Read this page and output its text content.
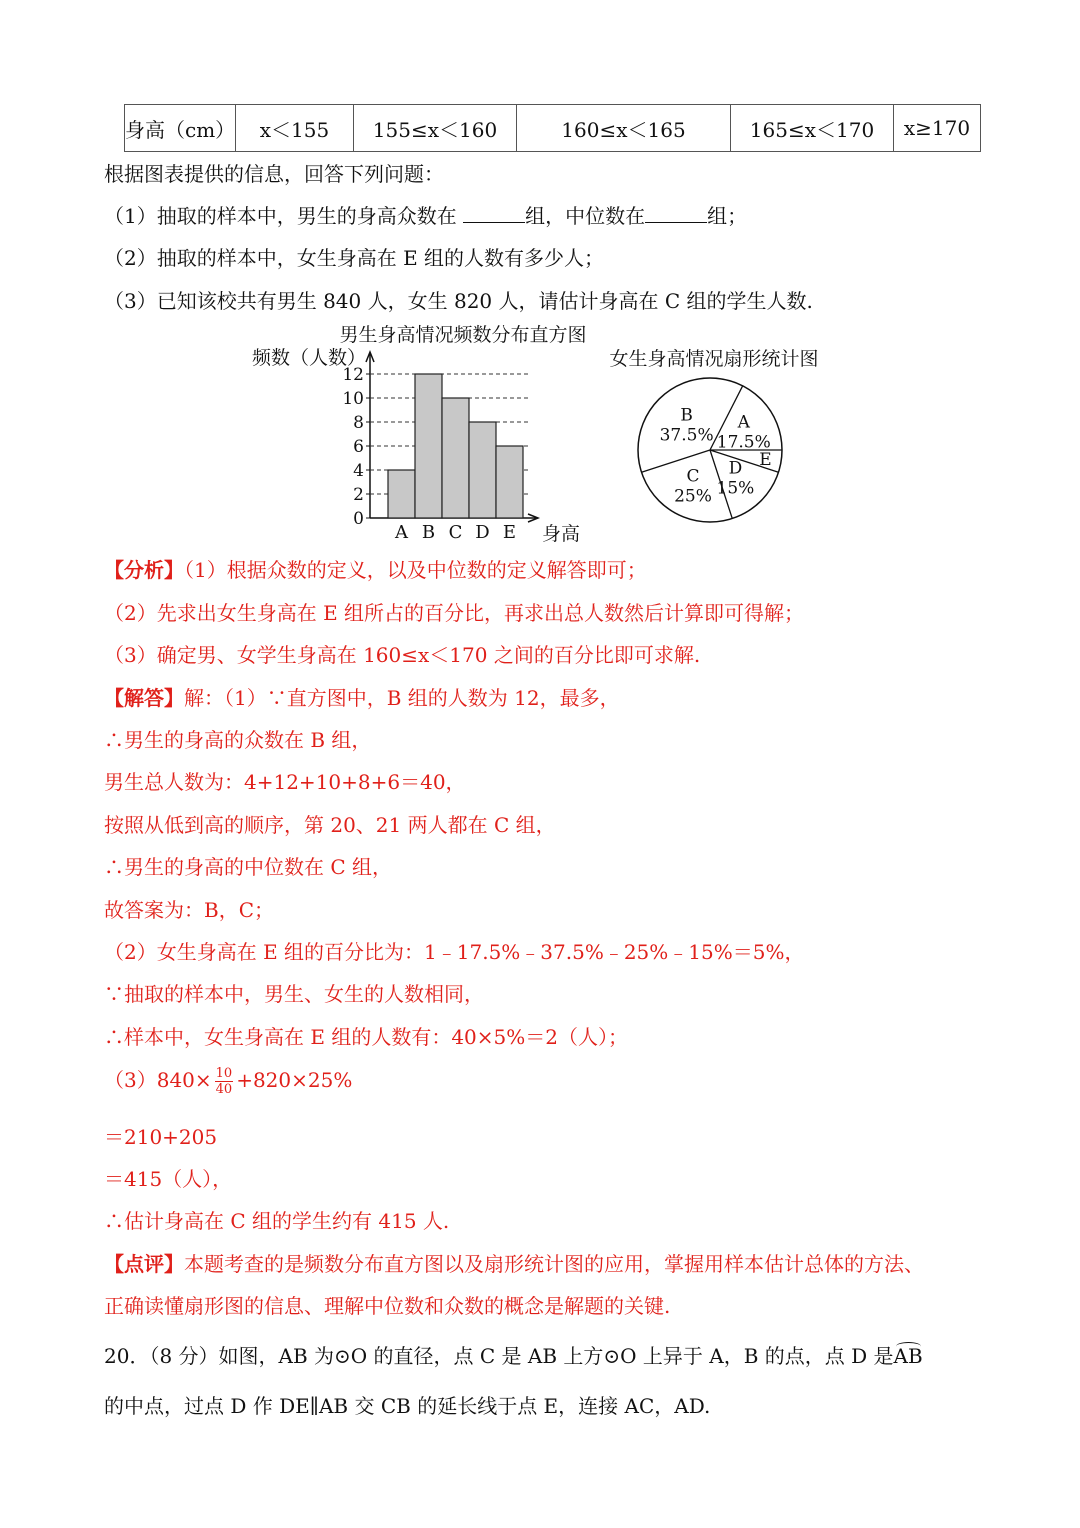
身高（cm）	x＜155	155≤x＜160	160≤x＜165	165≤x＜170	x≥170
根据图表提供的信息，回答下列问题：
（1）抽取的样本中，男生的身高众数在	组，中位数在	组；
（2）抽取的样本中，女生身高在 E 组的人数有多少人；
（3）已知该校共有男生 840 人，女生 820 人，请估计身高在 C 组的学生人数.
男生身高情况频数分布直方图
频数（人数）
身高
0
2
4
6
8
10
12
A B C D E
女生身高情况扇形统计图
A
17.5%
E
D
15%
C
25%
B
37.5%
【分析】（1）根据众数的定义，以及中位数的定义解答即可；
（2）先求出女生身高在 E 组所占的百分比，再求出总人数然后计算即可得解；
（3）确定男、女学生身高在 160≤x＜170 之间的百分比即可求解.
【解答】解：（1）∵直方图中，B 组的人数为 12，最多，
∴男生的身高的众数在 B 组，
男生总人数为：4+12+10+8+6＝40，
按照从低到高的顺序，第 20、21 两人都在 C 组，
∴男生的身高的中位数在 C 组，
故答案为：B，C；
（2）女生身高在 E 组的百分比为：1﹣17.5%﹣37.5%﹣25%﹣15%＝5%，
∵抽取的样本中，男生、女生的人数相同，
∴样本中，女生身高在 E 组的人数有：40×5%＝2（人）；
$(3)840\times \frac{10}{40} +820\times 25\%$
＝210+205
＝415（人），
∴估计身高在 C 组的学生约有 415 人.
【点评】本题考查的是频数分布直方图以及扇形统计图的应用，掌握用样本估计总体的方法、
正确读懂扇形图的信息、理解中位数和众数的概念是解题的关键.
20．（8 分）如图，AB 为⊙O 的直径，点 C 是 AB 上方⊙O 上异于 A，B 的点，点 D 是AB
的中点，过点 D 作 DE∥AB 交 CB 的延长线于点 E，连接 AC，AD.
